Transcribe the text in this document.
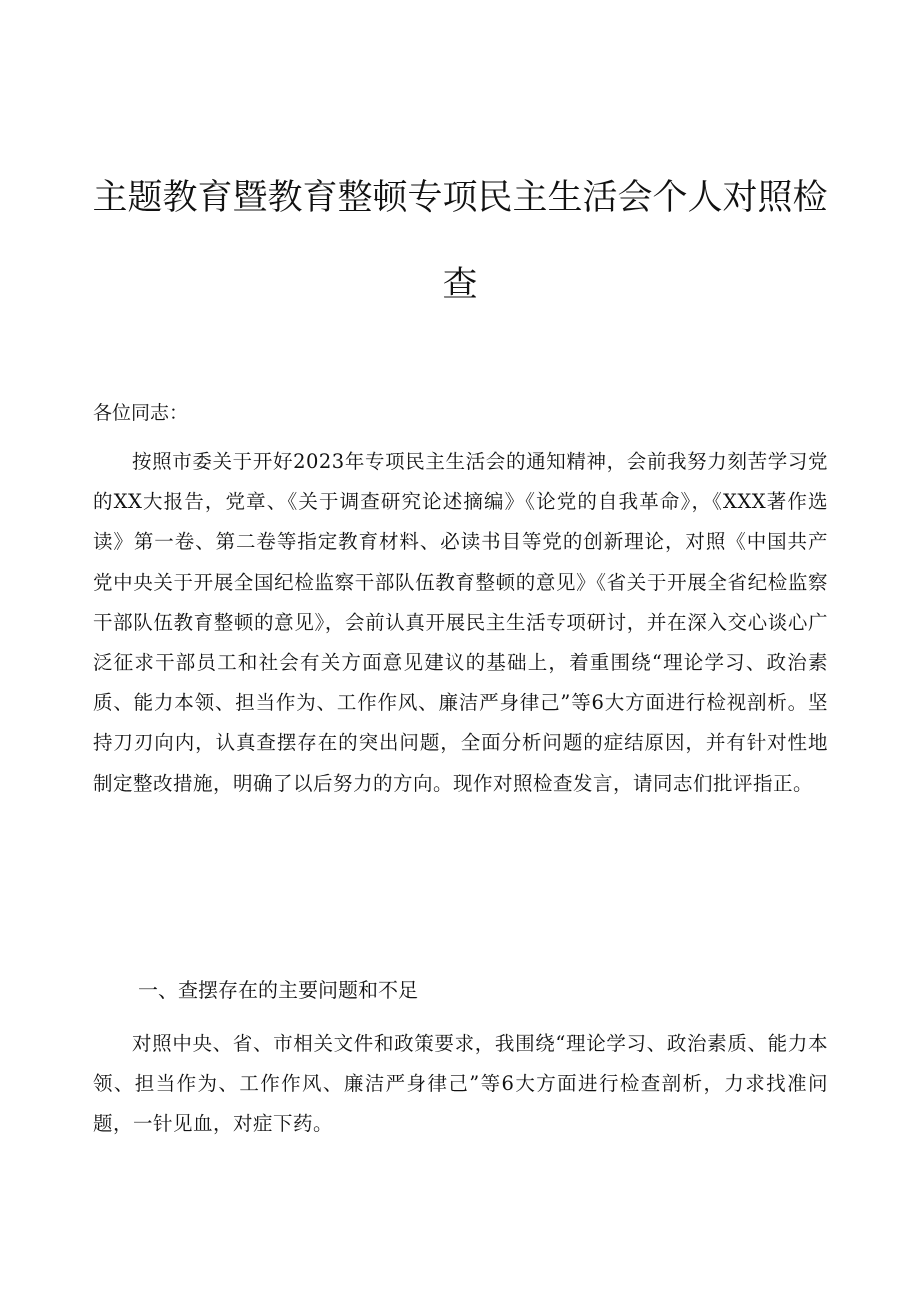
主题教育暨教育整顿专项民主生活会个人对照检
查
各位同志：
按照市委关于开好2023年专项民主生活会的通知精神，会前我努力刻苦学习党的XX大报告，党章、《关于调查研究论述摘编》《论党的自我革命》，《XXX著作选读》第一卷、第二卷等指定教育材料、必读书目等党的创新理论，对照《中国共产党中央关于开展全国纪检监察干部队伍教育整顿的意见》《省关于开展全省纪检监察干部队伍教育整顿的意见》，会前认真开展民主生活专项研讨，并在深入交心谈心广泛征求干部员工和社会有关方面意见建议的基础上，着重围绕“理论学习、政治素质、能力本领、担当作为、工作作风、廉洁严身律己”等6大方面进行检视剖析。坚持刀刃向内，认真查摆存在的突出问题，全面分析问题的症结原因，并有针对性地制定整改措施，明确了以后努力的方向。现作对照检查发言，请同志们批评指正。
一、查摆存在的主要问题和不足
对照中央、省、市相关文件和政策要求，我围绕“理论学习、政治素质、能力本领、担当作为、工作作风、廉洁严身律己”等6大方面进行检查剖析，力求找准问题，一针见血，对症下药。
